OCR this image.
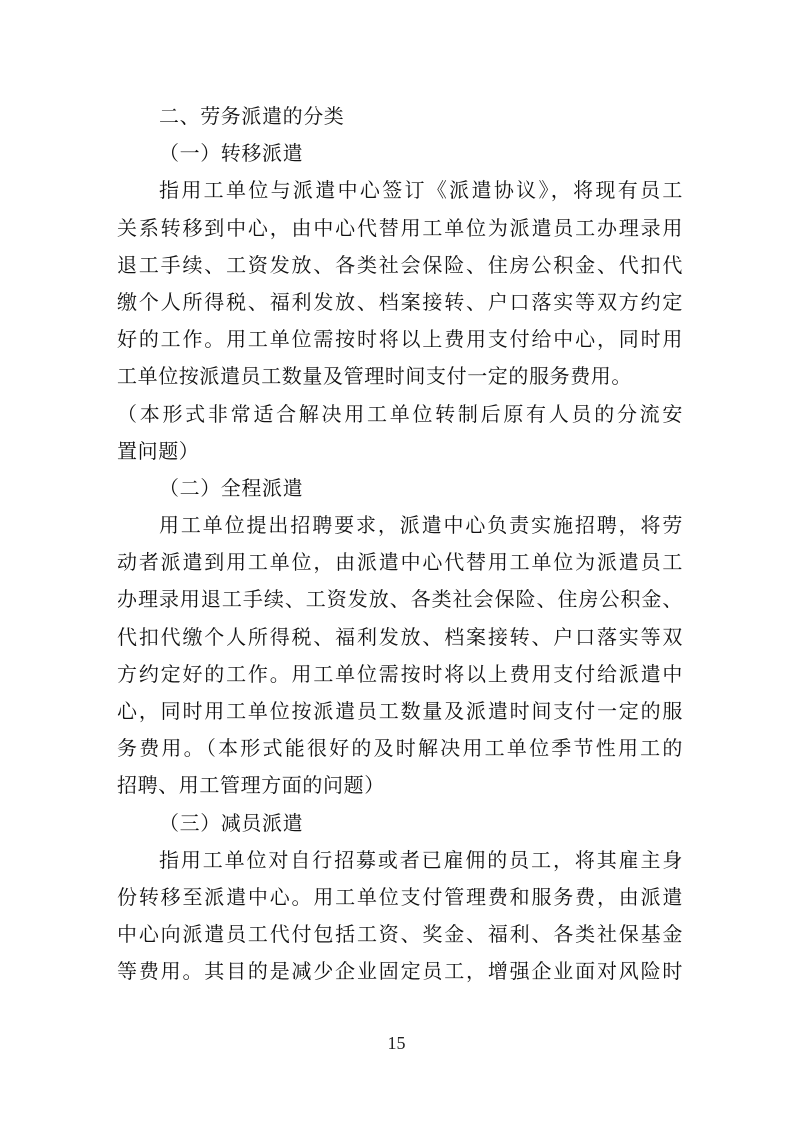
二、劳务派遣的分类
（一）转移派遣
指用工单位与派遣中心签订《派遣协议》，将现有员工
关系转移到中心，由中心代替用工单位为派遣员工办理录用
退工手续、工资发放、各类社会保险、住房公积金、代扣代
缴个人所得税、福利发放、档案接转、户口落实等双方约定
好的工作。用工单位需按时将以上费用支付给中心，同时用
工单位按派遣员工数量及管理时间支付一定的服务费用。
（本形式非常适合解决用工单位转制后原有人员的分流安
置问题）
（二）全程派遣
用工单位提出招聘要求，派遣中心负责实施招聘，将劳
动者派遣到用工单位，由派遣中心代替用工单位为派遣员工
办理录用退工手续、工资发放、各类社会保险、住房公积金、
代扣代缴个人所得税、福利发放、档案接转、户口落实等双
方约定好的工作。用工单位需按时将以上费用支付给派遣中
心，同时用工单位按派遣员工数量及派遣时间支付一定的服
务费用。（本形式能很好的及时解决用工单位季节性用工的
招聘、用工管理方面的问题）
（三）减员派遣
指用工单位对自行招募或者已雇佣的员工，将其雇主身
份转移至派遣中心。用工单位支付管理费和服务费，由派遣
中心向派遣员工代付包括工资、奖金、福利、各类社保基金
等费用。其目的是减少企业固定员工，增强企业面对风险时
15
